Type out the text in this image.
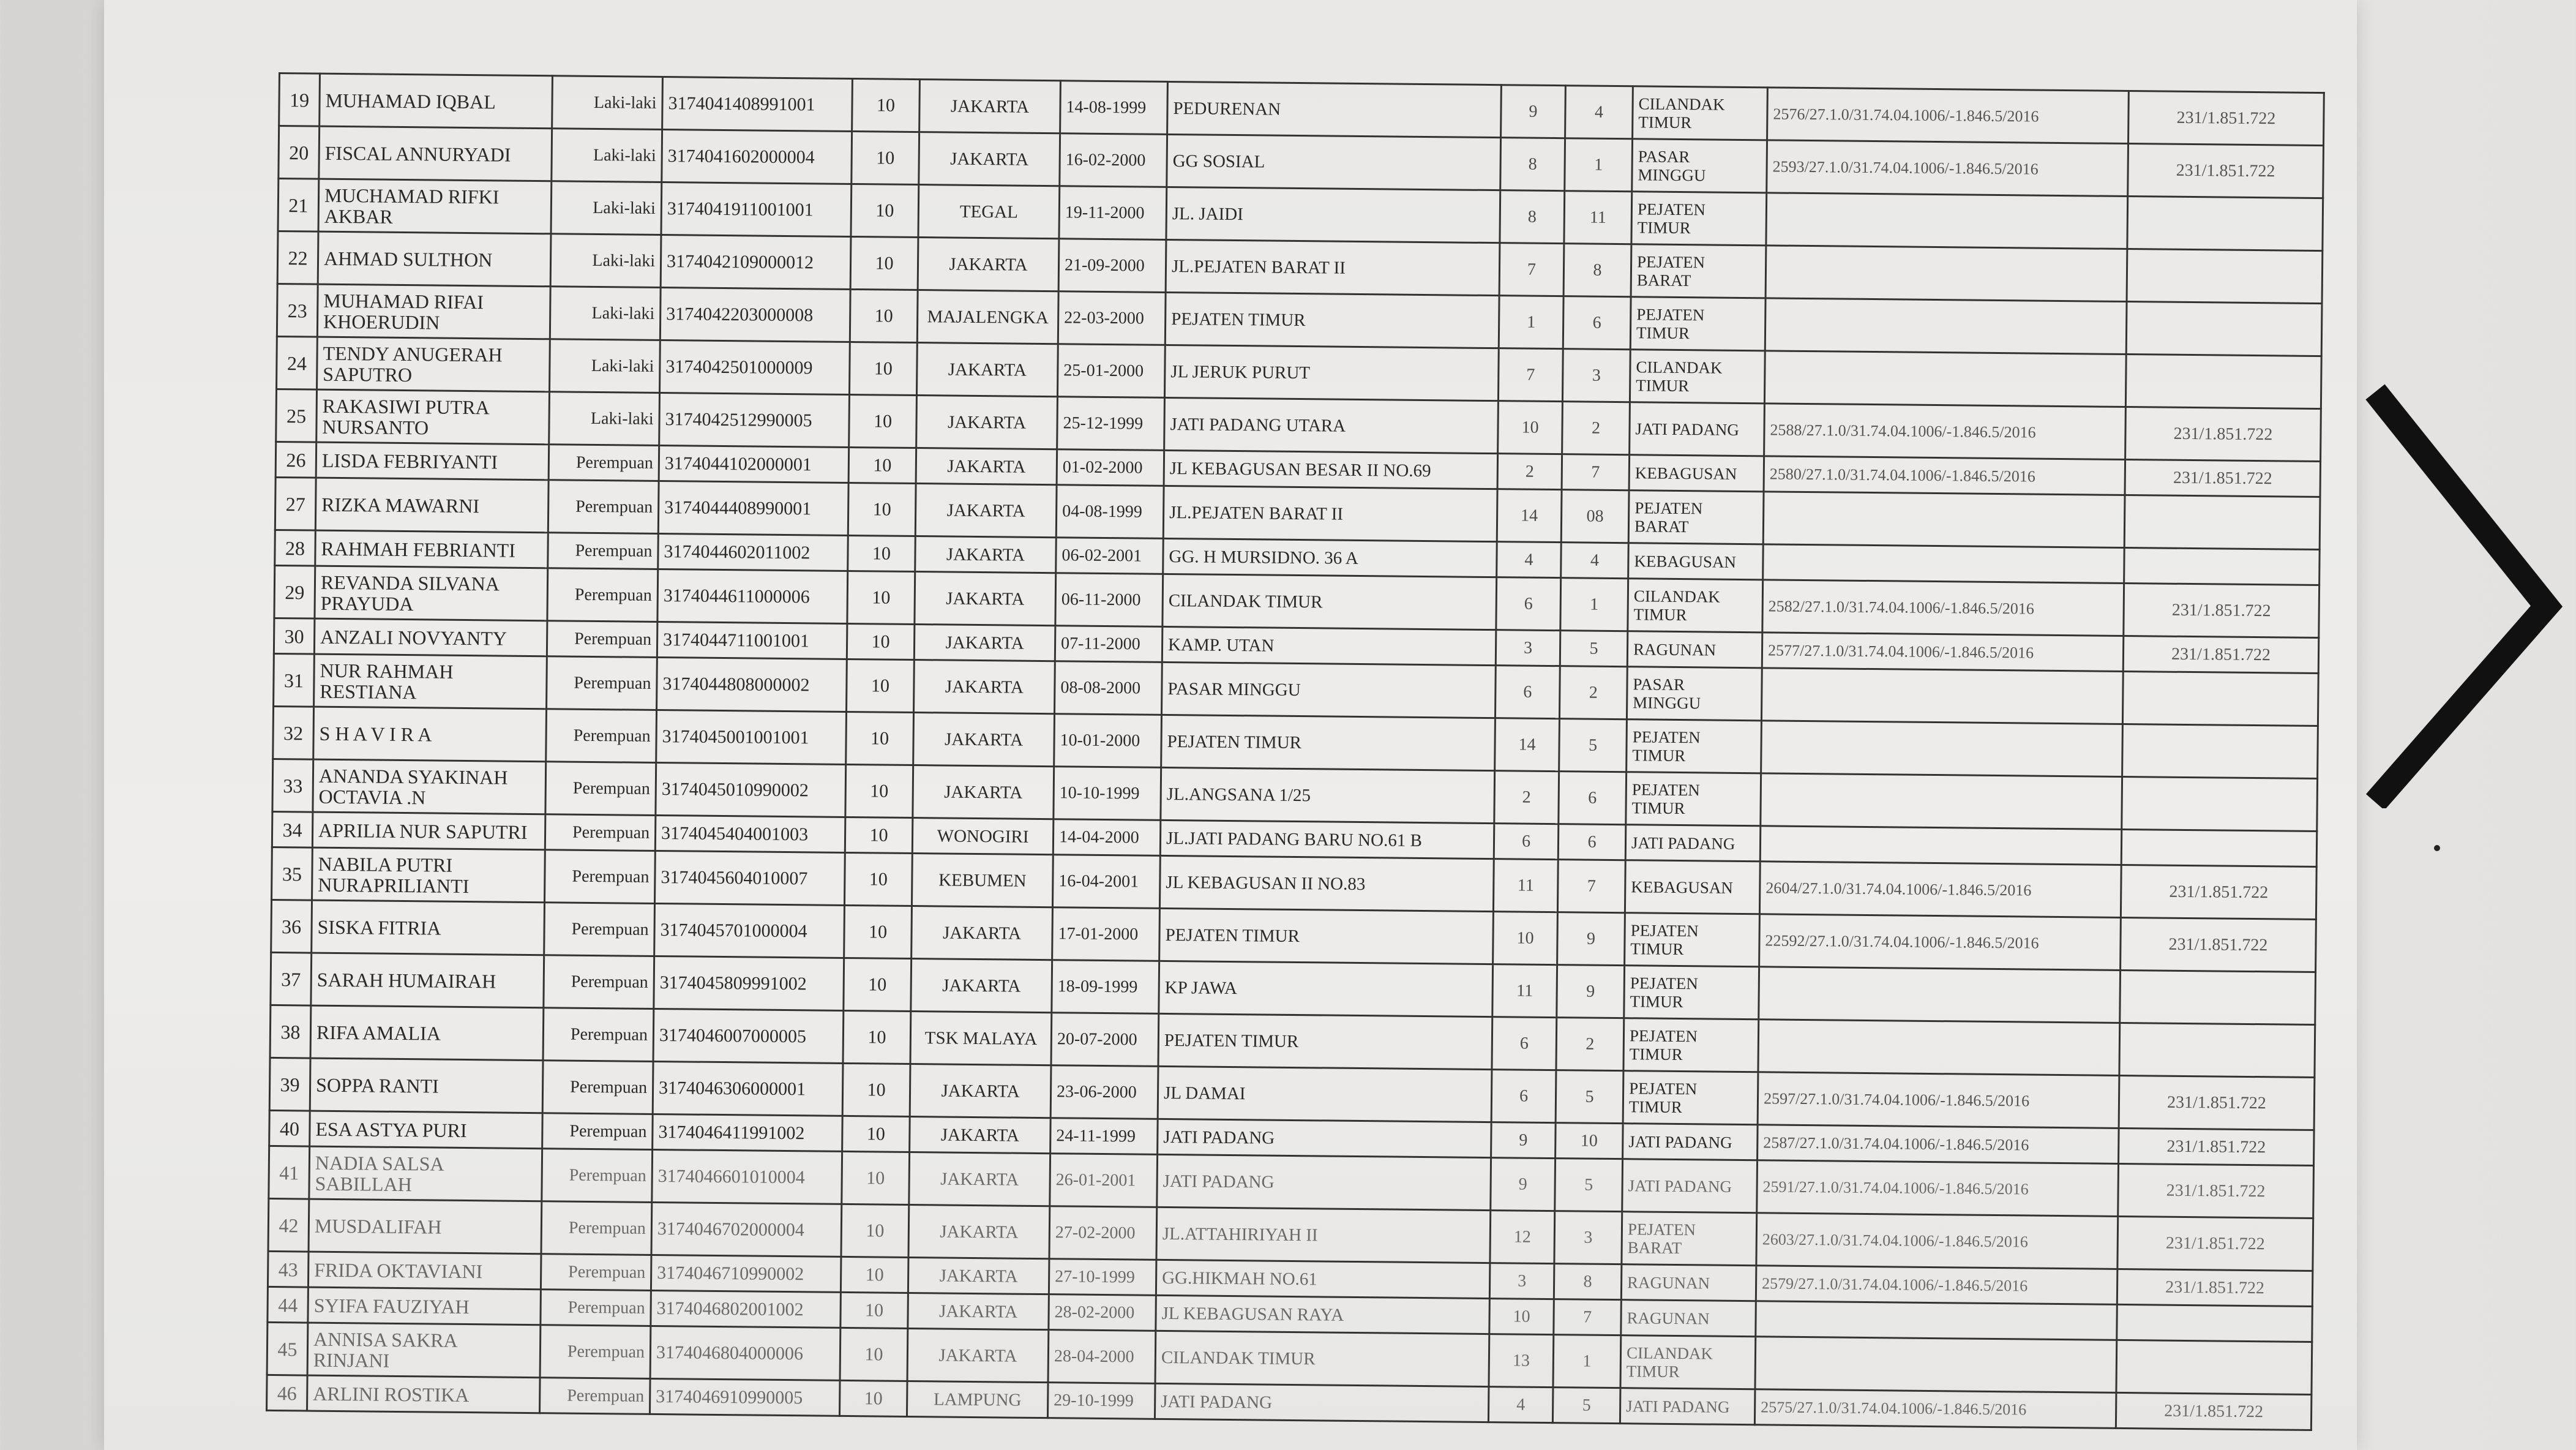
19	MUHAMAD IQBAL	Laki-laki	3174041408991001	10	JAKARTA	14-08-1999	PEDURENAN	9	4	CILANDAK TIMUR	2576/27.1.0/31.74.04.1006/-1.846.5/2016	231/1.851.722
20	FISCAL ANNURYADI	Laki-laki	3174041602000004	10	JAKARTA	16-02-2000	GG SOSIAL	8	1	PASAR MINGGU	2593/27.1.0/31.74.04.1006/-1.846.5/2016	231/1.851.722
21	MUCHAMAD RIFKI AKBAR	Laki-laki	3174041911001001	10	TEGAL	19-11-2000	JL. JAIDI	8	11	PEJATEN TIMUR		
22	AHMAD SULTHON	Laki-laki	3174042109000012	10	JAKARTA	21-09-2000	JL.PEJATEN BARAT II	7	8	PEJATEN BARAT		
23	MUHAMAD RIFAI KHOERUDIN	Laki-laki	3174042203000008	10	MAJALENGKA	22-03-2000	PEJATEN TIMUR	1	6	PEJATEN TIMUR		
24	TENDY ANUGERAH SAPUTRO	Laki-laki	3174042501000009	10	JAKARTA	25-01-2000	JL JERUK PURUT	7	3	CILANDAK TIMUR		
25	RAKASIWI PUTRA NURSANTO	Laki-laki	3174042512990005	10	JAKARTA	25-12-1999	JATI PADANG UTARA	10	2	JATI PADANG	2588/27.1.0/31.74.04.1006/-1.846.5/2016	231/1.851.722
26	LISDA FEBRIYANTI	Perempuan	3174044102000001	10	JAKARTA	01-02-2000	JL KEBAGUSAN BESAR II NO.69	2	7	KEBAGUSAN	2580/27.1.0/31.74.04.1006/-1.846.5/2016	231/1.851.722
27	RIZKA MAWARNI	Perempuan	3174044408990001	10	JAKARTA	04-08-1999	JL.PEJATEN BARAT II	14	08	PEJATEN BARAT		
28	RAHMAH FEBRIANTI	Perempuan	3174044602011002	10	JAKARTA	06-02-2001	GG. H MURSIDNO. 36 A	4	4	KEBAGUSAN		
29	REVANDA SILVANA PRAYUDA	Perempuan	3174044611000006	10	JAKARTA	06-11-2000	CILANDAK TIMUR	6	1	CILANDAK TIMUR	2582/27.1.0/31.74.04.1006/-1.846.5/2016	231/1.851.722
30	ANZALI NOVYANTY	Perempuan	3174044711001001	10	JAKARTA	07-11-2000	KAMP. UTAN	3	5	RAGUNAN	2577/27.1.0/31.74.04.1006/-1.846.5/2016	231/1.851.722
31	NUR RAHMAH RESTIANA	Perempuan	3174044808000002	10	JAKARTA	08-08-2000	PASAR MINGGU	6	2	PASAR MINGGU		
32	S H A V I R A	Perempuan	3174045001001001	10	JAKARTA	10-01-2000	PEJATEN TIMUR	14	5	PEJATEN TIMUR		
33	ANANDA SYAKINAH OCTAVIA .N	Perempuan	3174045010990002	10	JAKARTA	10-10-1999	JL.ANGSANA 1/25	2	6	PEJATEN TIMUR		
34	APRILIA NUR SAPUTRI	Perempuan	3174045404001003	10	WONOGIRI	14-04-2000	JL.JATI PADANG BARU NO.61 B	6	6	JATI PADANG		
35	NABILA PUTRI NURAPRILIANTI	Perempuan	3174045604010007	10	KEBUMEN	16-04-2001	JL KEBAGUSAN II NO.83	11	7	KEBAGUSAN	2604/27.1.0/31.74.04.1006/-1.846.5/2016	231/1.851.722
36	SISKA FITRIA	Perempuan	3174045701000004	10	JAKARTA	17-01-2000	PEJATEN TIMUR	10	9	PEJATEN TIMUR	22592/27.1.0/31.74.04.1006/-1.846.5/2016	231/1.851.722
37	SARAH HUMAIRAH	Perempuan	3174045809991002	10	JAKARTA	18-09-1999	KP JAWA	11	9	PEJATEN TIMUR		
38	RIFA AMALIA	Perempuan	3174046007000005	10	TSK MALAYA	20-07-2000	PEJATEN TIMUR	6	2	PEJATEN TIMUR		
39	SOPPA RANTI	Perempuan	3174046306000001	10	JAKARTA	23-06-2000	JL DAMAI	6	5	PEJATEN TIMUR	2597/27.1.0/31.74.04.1006/-1.846.5/2016	231/1.851.722
40	ESA ASTYA PURI	Perempuan	3174046411991002	10	JAKARTA	24-11-1999	JATI PADANG	9	10	JATI PADANG	2587/27.1.0/31.74.04.1006/-1.846.5/2016	231/1.851.722
41	NADIA SALSA SABILLAH	Perempuan	3174046601010004	10	JAKARTA	26-01-2001	JATI PADANG	9	5	JATI PADANG	2591/27.1.0/31.74.04.1006/-1.846.5/2016	231/1.851.722
42	MUSDALIFAH	Perempuan	3174046702000004	10	JAKARTA	27-02-2000	JL.ATTAHIRIYAH II	12	3	PEJATEN BARAT	2603/27.1.0/31.74.04.1006/-1.846.5/2016	231/1.851.722
43	FRIDA OKTAVIANI	Perempuan	3174046710990002	10	JAKARTA	27-10-1999	GG.HIKMAH NO.61	3	8	RAGUNAN	2579/27.1.0/31.74.04.1006/-1.846.5/2016	231/1.851.722
44	SYIFA FAUZIYAH	Perempuan	3174046802001002	10	JAKARTA	28-02-2000	JL KEBAGUSAN RAYA	10	7	RAGUNAN		
45	ANNISA SAKRA RINJANI	Perempuan	3174046804000006	10	JAKARTA	28-04-2000	CILANDAK TIMUR	13	1	CILANDAK TIMUR		
46	ARLINI ROSTIKA	Perempuan	3174046910990005	10	LAMPUNG	29-10-1999	JATI PADANG	4	5	JATI PADANG	2575/27.1.0/31.74.04.1006/-1.846.5/2016	231/1.851.722
